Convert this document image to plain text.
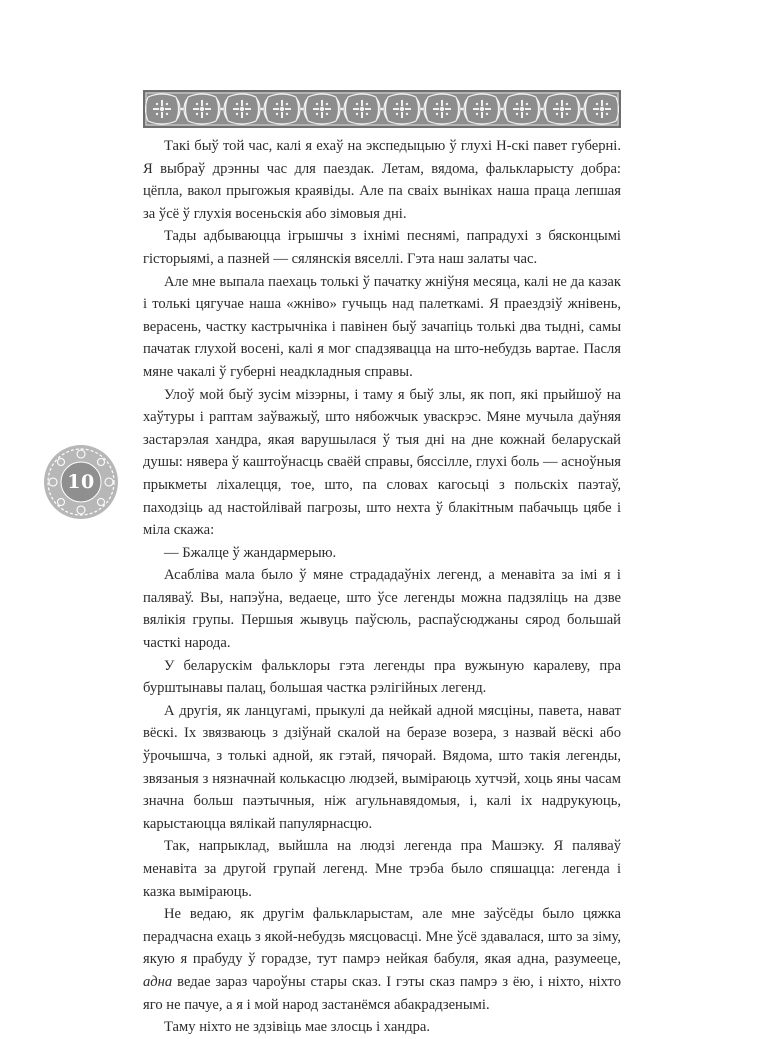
10

Такі быў той час, калі я ехаў на экспедыцыю ў глухі Н-скі павет губерні. Я выбраў дрэнны час для паездак. Летам, вядома, фалькларысту добра: цёпла, вакол прыгожыя краявіды. Але па сваіх выніках наша праца лепшая за ўсё ў глухія восеньскія або зімовыя дні.

Тады адбываюцца ігрышчы з іхнімі песнямі, папрадухі з бясконцымі гісторыямі, а пазней — сялянскія вяселлі. Гэта наш залаты час.

Але мне выпала паехаць толькі ў пачатку жніўня месяца, калі не да казак і толькі цягучае наша «жніво» гучыць над палеткамі. Я праездзіў жнівень, верасень, частку кастрычніка і павінен быў зачапіць толькі два тыдні, самы пачатак глухой восені, калі я мог спадзявацца на што-небудзь вартае. Пасля мяне чакалі ў губерні неадкладныя справы.

Улоў мой быў зусім мізэрны, і таму я быў злы, як поп, які прыйшоў на хаўтуры і раптам заўважыў, што нябожчык уваскрэс. Мяне мучыла даўняя застарэлая хандра, якая варушылася ў тыя дні на дне кожнай беларускай душы: нявера ў каштоўнасць сваёй справы, бяссілле, глухі боль — асноўныя прыкметы ліхалецця, тое, што, па словах кагосьці з польскіх паэтаў, паходзіць ад настойлівай пагрозы, што нехта ў блакітным пабачыць цябе і міла скажа:

— Бжалце ў жандармерыю.

Асабліва мала было ў мяне стрададаўніх легенд, а менавіта за імі я і паляваў. Вы, напэўна, ведаеце, што ўсе легенды можна падзяліць на дзве вялікія групы. Першыя жывуць паўсюль, распаўсюджаны сярод большай часткі народа.

У беларускім фальклоры гэта легенды пра вужыную каралеву, пра бурштынавы палац, большая частка рэлігійных легенд.

А другія, як ланцугамі, прыкулі да нейкай адной мясціны, павета, нават вёскі. Іх звязваюць з дзіўнай скалой на беразе возера, з назвай вёскі або ўрочышча, з толькі адной, як гэтай, пячорай. Вядома, што такія легенды, звязаныя з нязначнай колькасцю людзей, выміраюць хутчэй, хоць яны часам значна больш паэтычныя, ніж агульнавядомыя, і, калі іх надрукуюць, карыстаюцца вялікай папулярнасцю.

Так, напрыклад, выйшла на людзі легенда пра Машэку. Я паляваў менавіта за другой групай легенд. Мне трэба было спяшацца: легенда і казка выміраюць.

Не ведаю, як другім фалькларыстам, але мне заўсёды было цяжка перадчасна ехаць з якой-небудзь мясцовасці. Мне ўсё здавалася, што за зіму, якую я прабуду ў горадзе, тут памрэ нейкая бабуля, якая адна, разумееце, адна ведае зараз чароўны стары сказ. І гэты сказ памрэ з ёю, і ніхто, ніхто яго не пачуе, а я і мой народ застанёмся абакрадзенымі.

Таму ніхто не здзівіць мае злосць і хандра.
